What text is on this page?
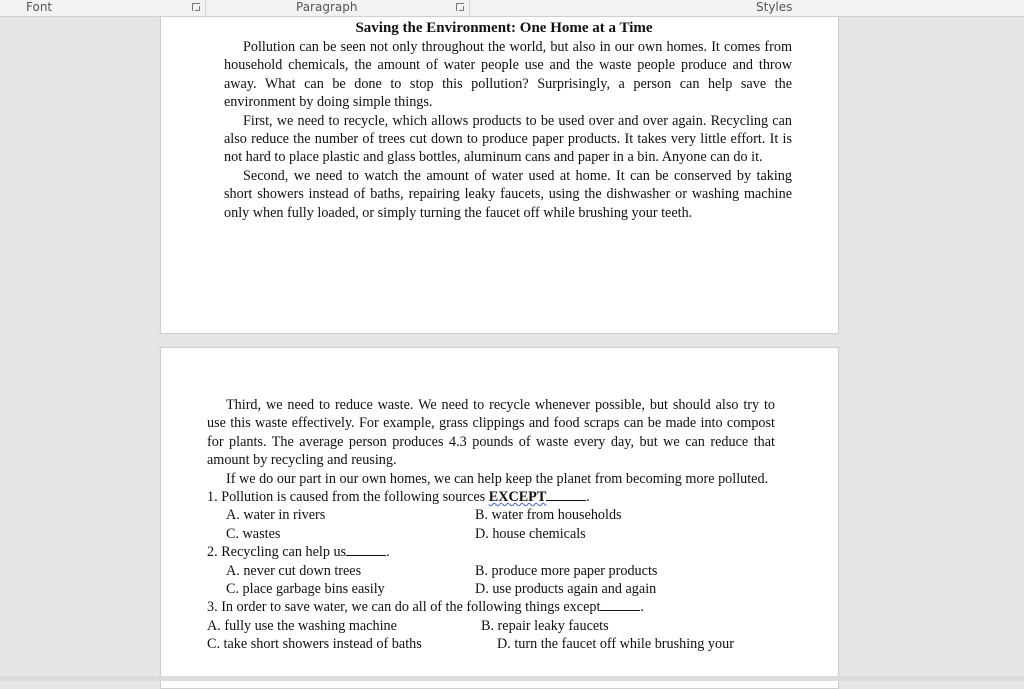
Font	Paragraph	Styles
Saving the Environment: One Home at a Time

Pollution can be seen not only throughout the world, but also in our own homes. It comes from household chemicals, the amount of water people use and the waste people produce and throw away. What can be done to stop this pollution? Surprisingly, a person can help save the environment by doing simple things.

First, we need to recycle, which allows products to be used over and over again. Recycling can also reduce the number of trees cut down to produce paper products. It takes very little effort. It is not hard to place plastic and glass bottles, aluminum cans and paper in a bin. Anyone can do it.

Second, we need to watch the amount of water used at home. It can be conserved by taking short showers instead of baths, repairing leaky faucets, using the dishwasher or washing machine only when fully loaded, or simply turning the faucet off while brushing your teeth.

Third, we need to reduce waste. We need to recycle whenever possible, but should also try to use this waste effectively. For example, grass clippings and food scraps can be made into compost for plants. The average person produces 4.3 pounds of waste every day, but we can reduce that amount by recycling and reusing.

If we do our part in our own homes, we can help keep the planet from becoming more polluted.

1. Pollution is caused from the following sources EXCEPT	.
A. water in rivers	B. water from households
C. wastes	D. house chemicals
2. Recycling can help us	.
A. never cut down trees	B. produce more paper products
C. place garbage bins easily	D. use products again and again
3. In order to save water, we can do all of the following things except	.
A. fully use the washing machine	B. repair leaky faucets
C. take short showers instead of baths	D. turn the faucet off while brushing your
